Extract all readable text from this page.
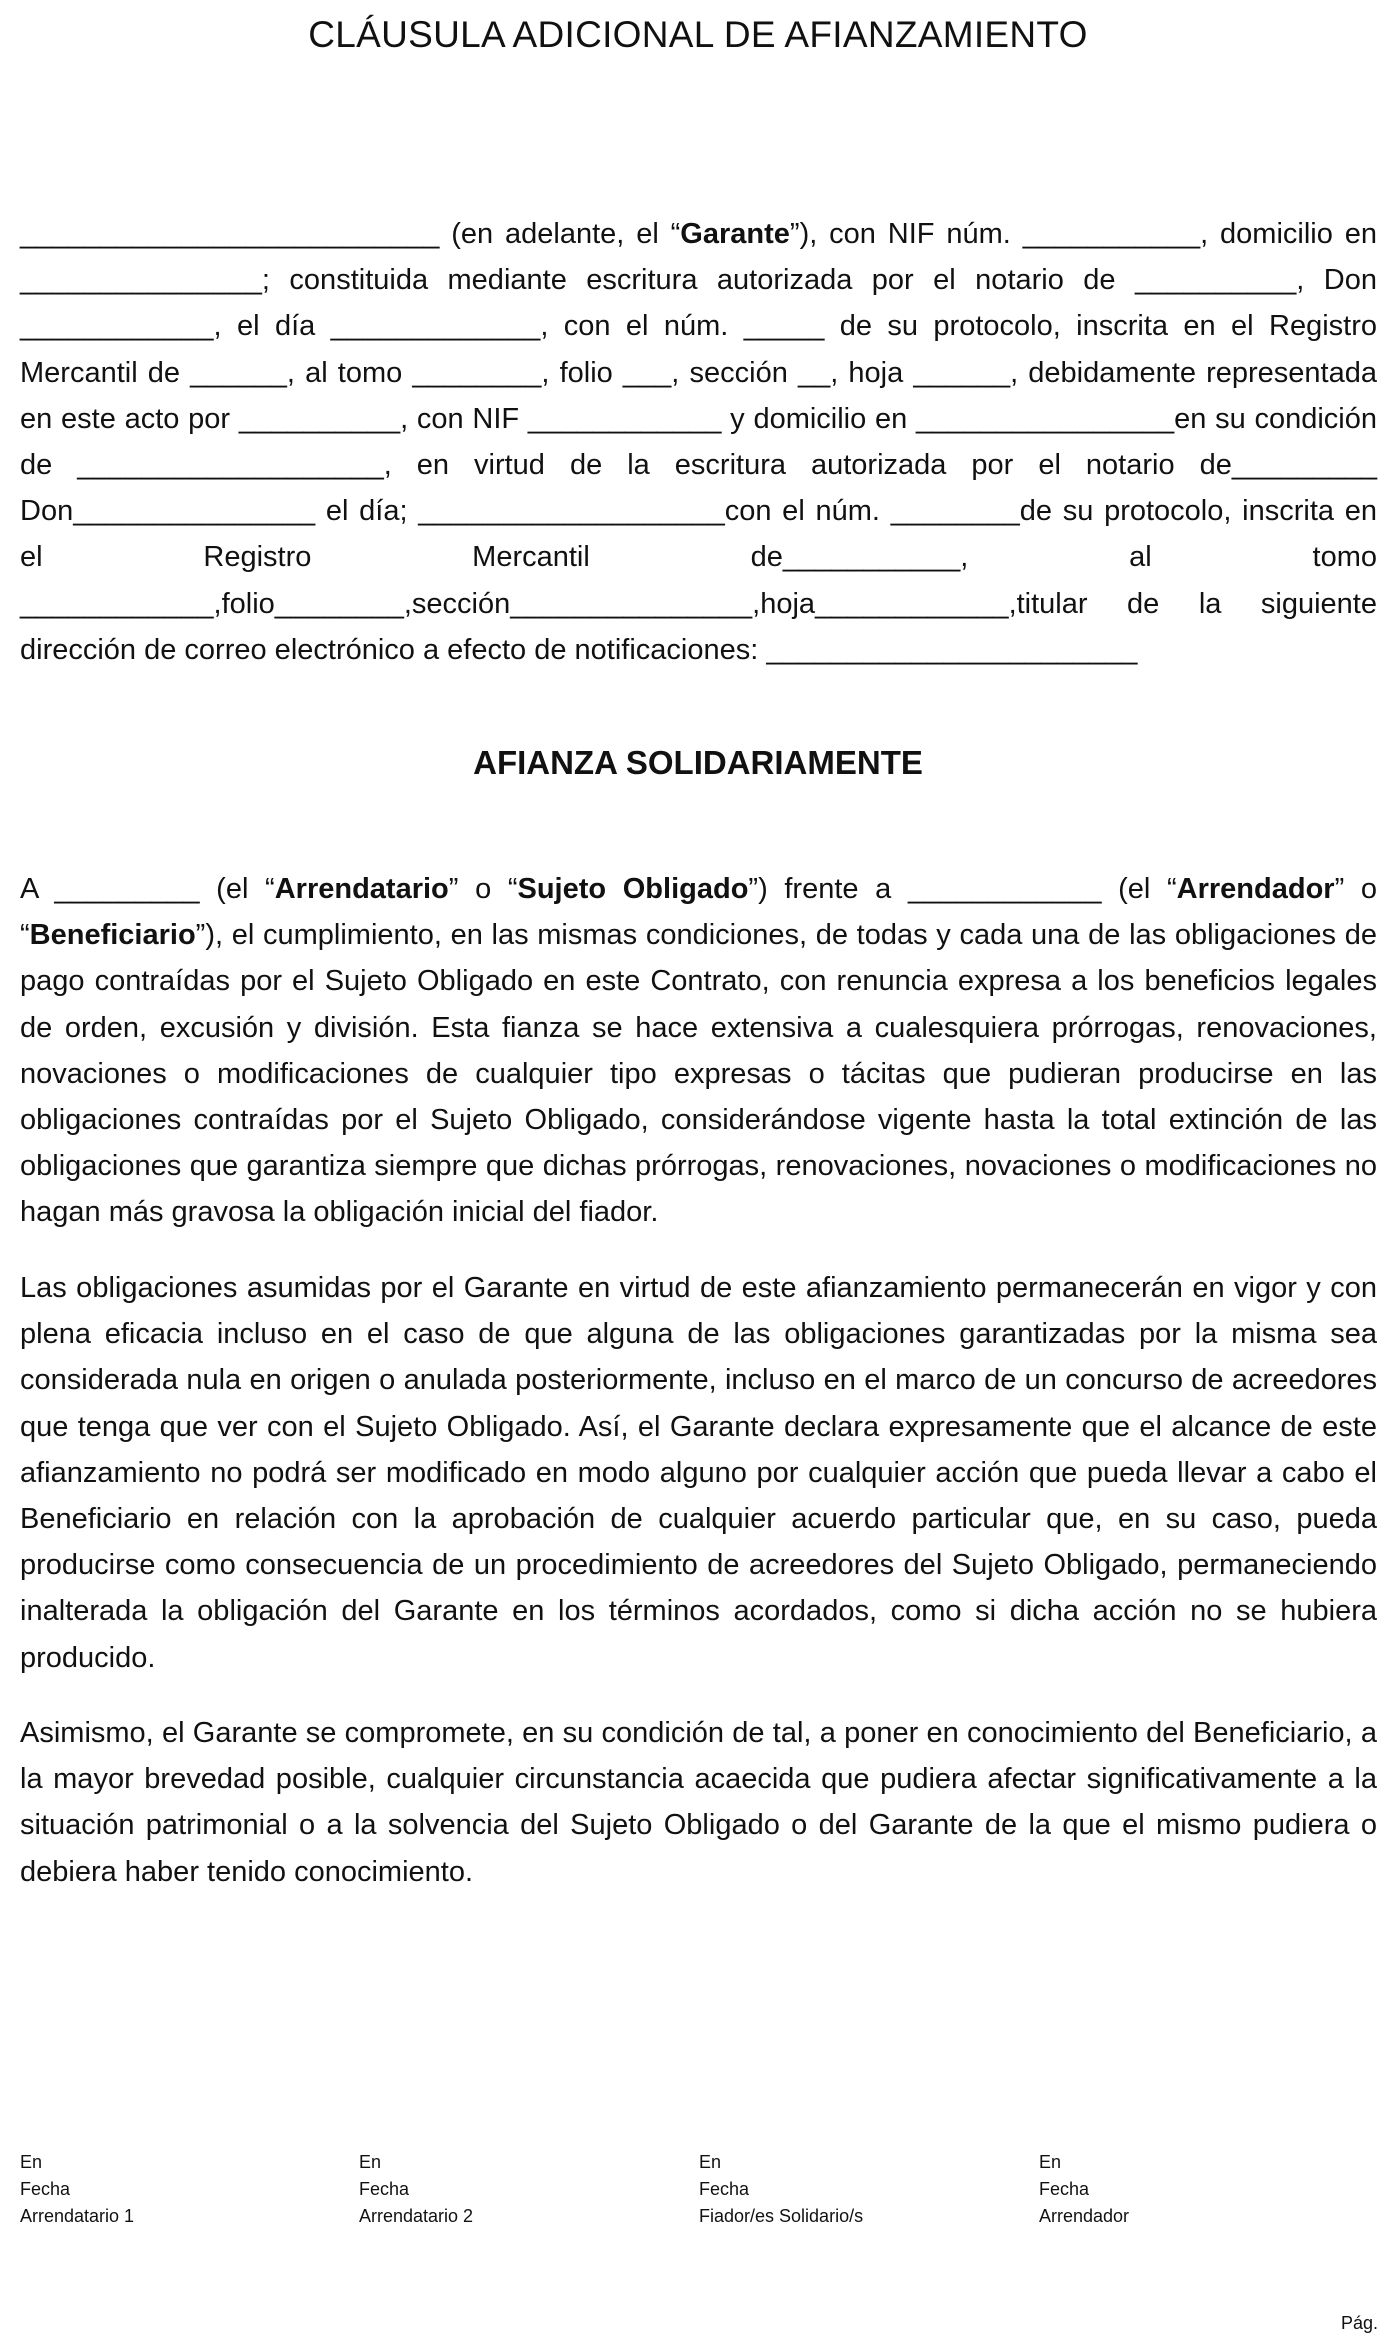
CLÁUSULA ADICIONAL DE AFIANZAMIENTO

__________________________ (en adelante, el “Garante”), con NIF núm. ___________, domicilio en _______________; constituida mediante escritura autorizada por el notario de __________, Don ____________, el día _____________, con el núm. _____ de su protocolo, inscrita en el Registro Mercantil de ______, al tomo ________, folio ___, sección __, hoja ______, debidamente representada en este acto por __________, con NIF ____________ y domicilio en ________________en su condición de ___________________, en virtud de la escritura autorizada por el notario de_________ Don_______________ el día; ___________________con el núm. ________de su protocolo, inscrita en el Registro Mercantil de___________, al tomo ____________,folio________,sección_______________,hoja____________,titular de la siguiente dirección de correo electrónico a efecto de notificaciones: _______________________

AFIANZA SOLIDARIAMENTE

A _________ (el “Arrendatario” o “Sujeto Obligado”) frente a ____________ (el “Arrendador” o “Beneficiario”), el cumplimiento, en las mismas condiciones, de todas y cada una de las obligaciones de pago contraídas por el Sujeto Obligado en este Contrato, con renuncia expresa a los beneficios legales de orden, excusión y división. Esta fianza se hace extensiva a cualesquiera prórrogas, renovaciones, novaciones o modificaciones de cualquier tipo expresas o tácitas que pudieran producirse en las obligaciones contraídas por el Sujeto Obligado, considerándose vigente hasta la total extinción de las obligaciones que garantiza siempre que dichas prórrogas, renovaciones, novaciones o modificaciones no hagan más gravosa la obligación inicial del fiador.

Las obligaciones asumidas por el Garante en virtud de este afianzamiento permanecerán en vigor y con plena eficacia incluso en el caso de que alguna de las obligaciones garantizadas por la misma sea considerada nula en origen o anulada posteriormente, incluso en el marco de un concurso de acreedores que tenga que ver con el Sujeto Obligado. Así, el Garante declara expresamente que el alcance de este afianzamiento no podrá ser modificado en modo alguno por cualquier acción que pueda llevar a cabo el Beneficiario en relación con la aprobación de cualquier acuerdo particular que, en su caso, pueda producirse como consecuencia de un procedimiento de acreedores del Sujeto Obligado, permaneciendo inalterada la obligación del Garante en los términos acordados, como si dicha acción no se hubiera producido.

Asimismo, el Garante se compromete, en su condición de tal, a poner en conocimiento del Beneficiario, a la mayor brevedad posible, cualquier circunstancia acaecida que pudiera afectar significativamente a la situación patrimonial o a la solvencia del Sujeto Obligado o del Garante de la que el mismo pudiera o debiera haber tenido conocimiento.

En
Fecha
Arrendatario 1
En
Fecha
Arrendatario 2
En
Fecha
Fiador/es Solidario/s
En
Fecha
Arrendador
Pág.
